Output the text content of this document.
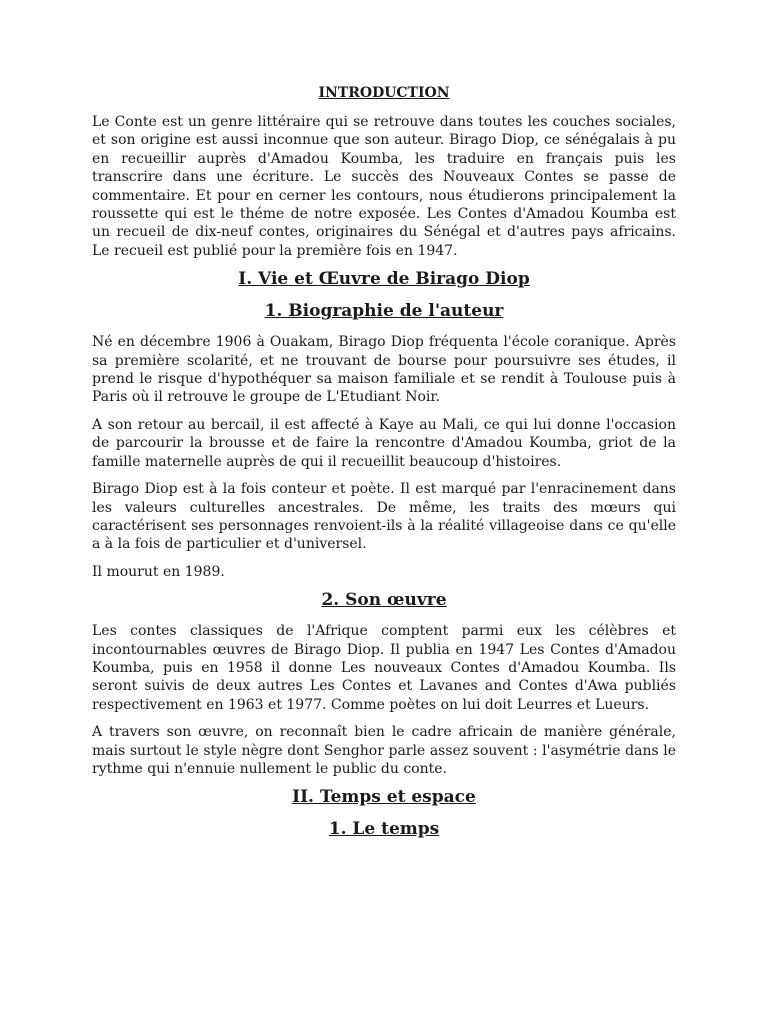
INTRODUCTION

Le Conte est un genre littéraire qui se retrouve dans toutes les couches sociales, et son origine est aussi inconnue que son auteur. Birago Diop, ce sénégalais à pu en recueillir auprès d'Amadou Koumba, les traduire en français puis les transcrire dans une écriture. Le succès des Nouveaux Contes se passe de commentaire. Et pour en cerner les contours, nous étudierons principalement la roussette qui est le théme de notre exposée. Les Contes d'Amadou Koumba est un recueil de dix-neuf contes, originaires du Sénégal et d'autres pays africains. Le recueil est publié pour la première fois en 1947.

I. Vie et Œuvre de Birago Diop
1. Biographie de l'auteur

Né en décembre 1906 à Ouakam, Birago Diop fréquenta l'école coranique. Après sa première scolarité, et ne trouvant de bourse pour poursuivre ses études, il prend le risque d'hypothéquer sa maison familiale et se rendit à Toulouse puis à Paris où il retrouve le groupe de L'Etudiant Noir.

A son retour au bercail, il est affecté à Kaye au Mali, ce qui lui donne l'occasion de parcourir la brousse et de faire la rencontre d'Amadou Koumba, griot de la famille maternelle auprès de qui il recueillit beaucoup d'histoires.

Birago Diop est à la fois conteur et poète. Il est marqué par l'enracinement dans les valeurs culturelles ancestrales. De même, les traits des mœurs qui caractérisent ses personnages renvoient-ils à la réalité villageoise dans ce qu'elle a à la fois de particulier et d'universel.

Il mourut en 1989.

2. Son œuvre

Les contes classiques de l'Afrique comptent parmi eux les célèbres et incontournables œuvres de Birago Diop. Il publia en 1947 Les Contes d'Amadou Koumba, puis en 1958 il donne Les nouveaux Contes d'Amadou Koumba. Ils seront suivis de deux autres Les Contes et Lavanes and Contes d'Awa publiés respectivement en 1963 et 1977. Comme poètes on lui doit Leurres et Lueurs.

A travers son œuvre, on reconnaît bien le cadre africain de manière générale, mais surtout le style nègre dont Senghor parle assez souvent : l'asymétrie dans le rythme qui n'ennuie nullement le public du conte.

II. Temps et espace
1. Le temps
